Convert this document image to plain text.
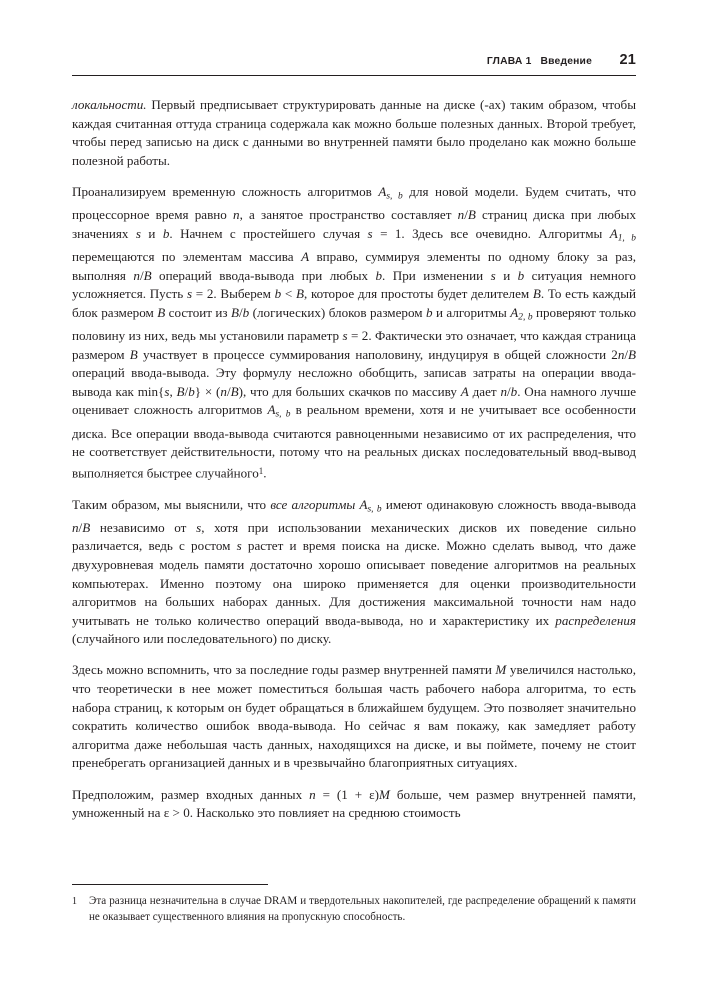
ГЛАВА 1 Введение 21

локальности. Первый предписывает структурировать данные на диске (-ах) таким образом, чтобы каждая считанная оттуда страница содержала как можно больше полезных данных. Второй требует, чтобы перед записью на диск с данными во внутренней памяти было проделано как можно больше полезной работы.

Проанализируем временную сложность алгоритмов $A_{s, b}$ для новой модели. Будем считать, что процессорное время равно n, а занятое пространство составляет n/B страниц диска при любых значениях s и b. Начнем с простейшего случая s = 1. Здесь все очевидно. Алгоритмы $A_{1, b}$ перемещаются по элементам массива A вправо, суммируя элементы по одному блоку за раз, выполняя n/B операций ввода-вывода при любых b. При изменении s и b ситуация немного усложняется. Пусть s = 2. Выберем b < B, которое для простоты будет делителем B. То есть каждый блок размером B состоит из B/b (логических) блоков размером b и алгоритмы $A_{2, b}$ проверяют только половину из них, ведь мы установили параметр s = 2. Фактически это означает, что каждая страница размером B участвует в процессе суммирования наполовину, индуцируя в общей сложности 2n/B операций ввода-вывода. Эту формулу несложно обобщить, записав затраты на операции ввода-вывода как min{s, B/b} × (n/B), что для больших скачков по массиву A дает n/b. Она намного лучше оценивает сложность алгоритмов $A_{s, b}$ в реальном времени, хотя и не учитывает все особенности диска. Все операции ввода-вывода считаются равноценными независимо от их распределения, что не соответствует действительности, потому что на реальных дисках последовательный ввод-вывод выполняется быстрее случайного$^1$.

Таким образом, мы выяснили, что все алгоритмы $A_{s, b}$ имеют одинаковую сложность ввода-вывода n/B независимо от s, хотя при использовании механических дисков их поведение сильно различается, ведь с ростом s растет и время поиска на диске. Можно сделать вывод, что даже двухуровневая модель памяти достаточно хорошо описывает поведение алгоритмов на реальных компьютерах. Именно поэтому она широко применяется для оценки производительности алгоритмов на больших наборах данных. Для достижения максимальной точности нам надо учитывать не только количество операций ввода-вывода, но и характеристику их распределения (случайного или последовательного) по диску.

Здесь можно вспомнить, что за последние годы размер внутренней памяти M увеличился настолько, что теоретически в нее может поместиться большая часть рабочего набора алгоритма, то есть набора страниц, к которым он будет обращаться в ближайшем будущем. Это позволяет значительно сократить количество ошибок ввода-вывода. Но сейчас я вам покажу, как замедляет работу алгоритма даже небольшая часть данных, находящихся на диске, и вы поймете, почему не стоит пренебрегать организацией данных и в чрезвычайно благоприятных ситуациях.

Предположим, размер входных данных n = (1 + ε)M больше, чем размер внутренней памяти, умноженный на ε > 0. Насколько это повлияет на среднюю стоимость

1	Эта разница незначительна в случае DRAM и твердотельных накопителей, где распределение обращений к памяти не оказывает существенного влияния на пропускную способность.
